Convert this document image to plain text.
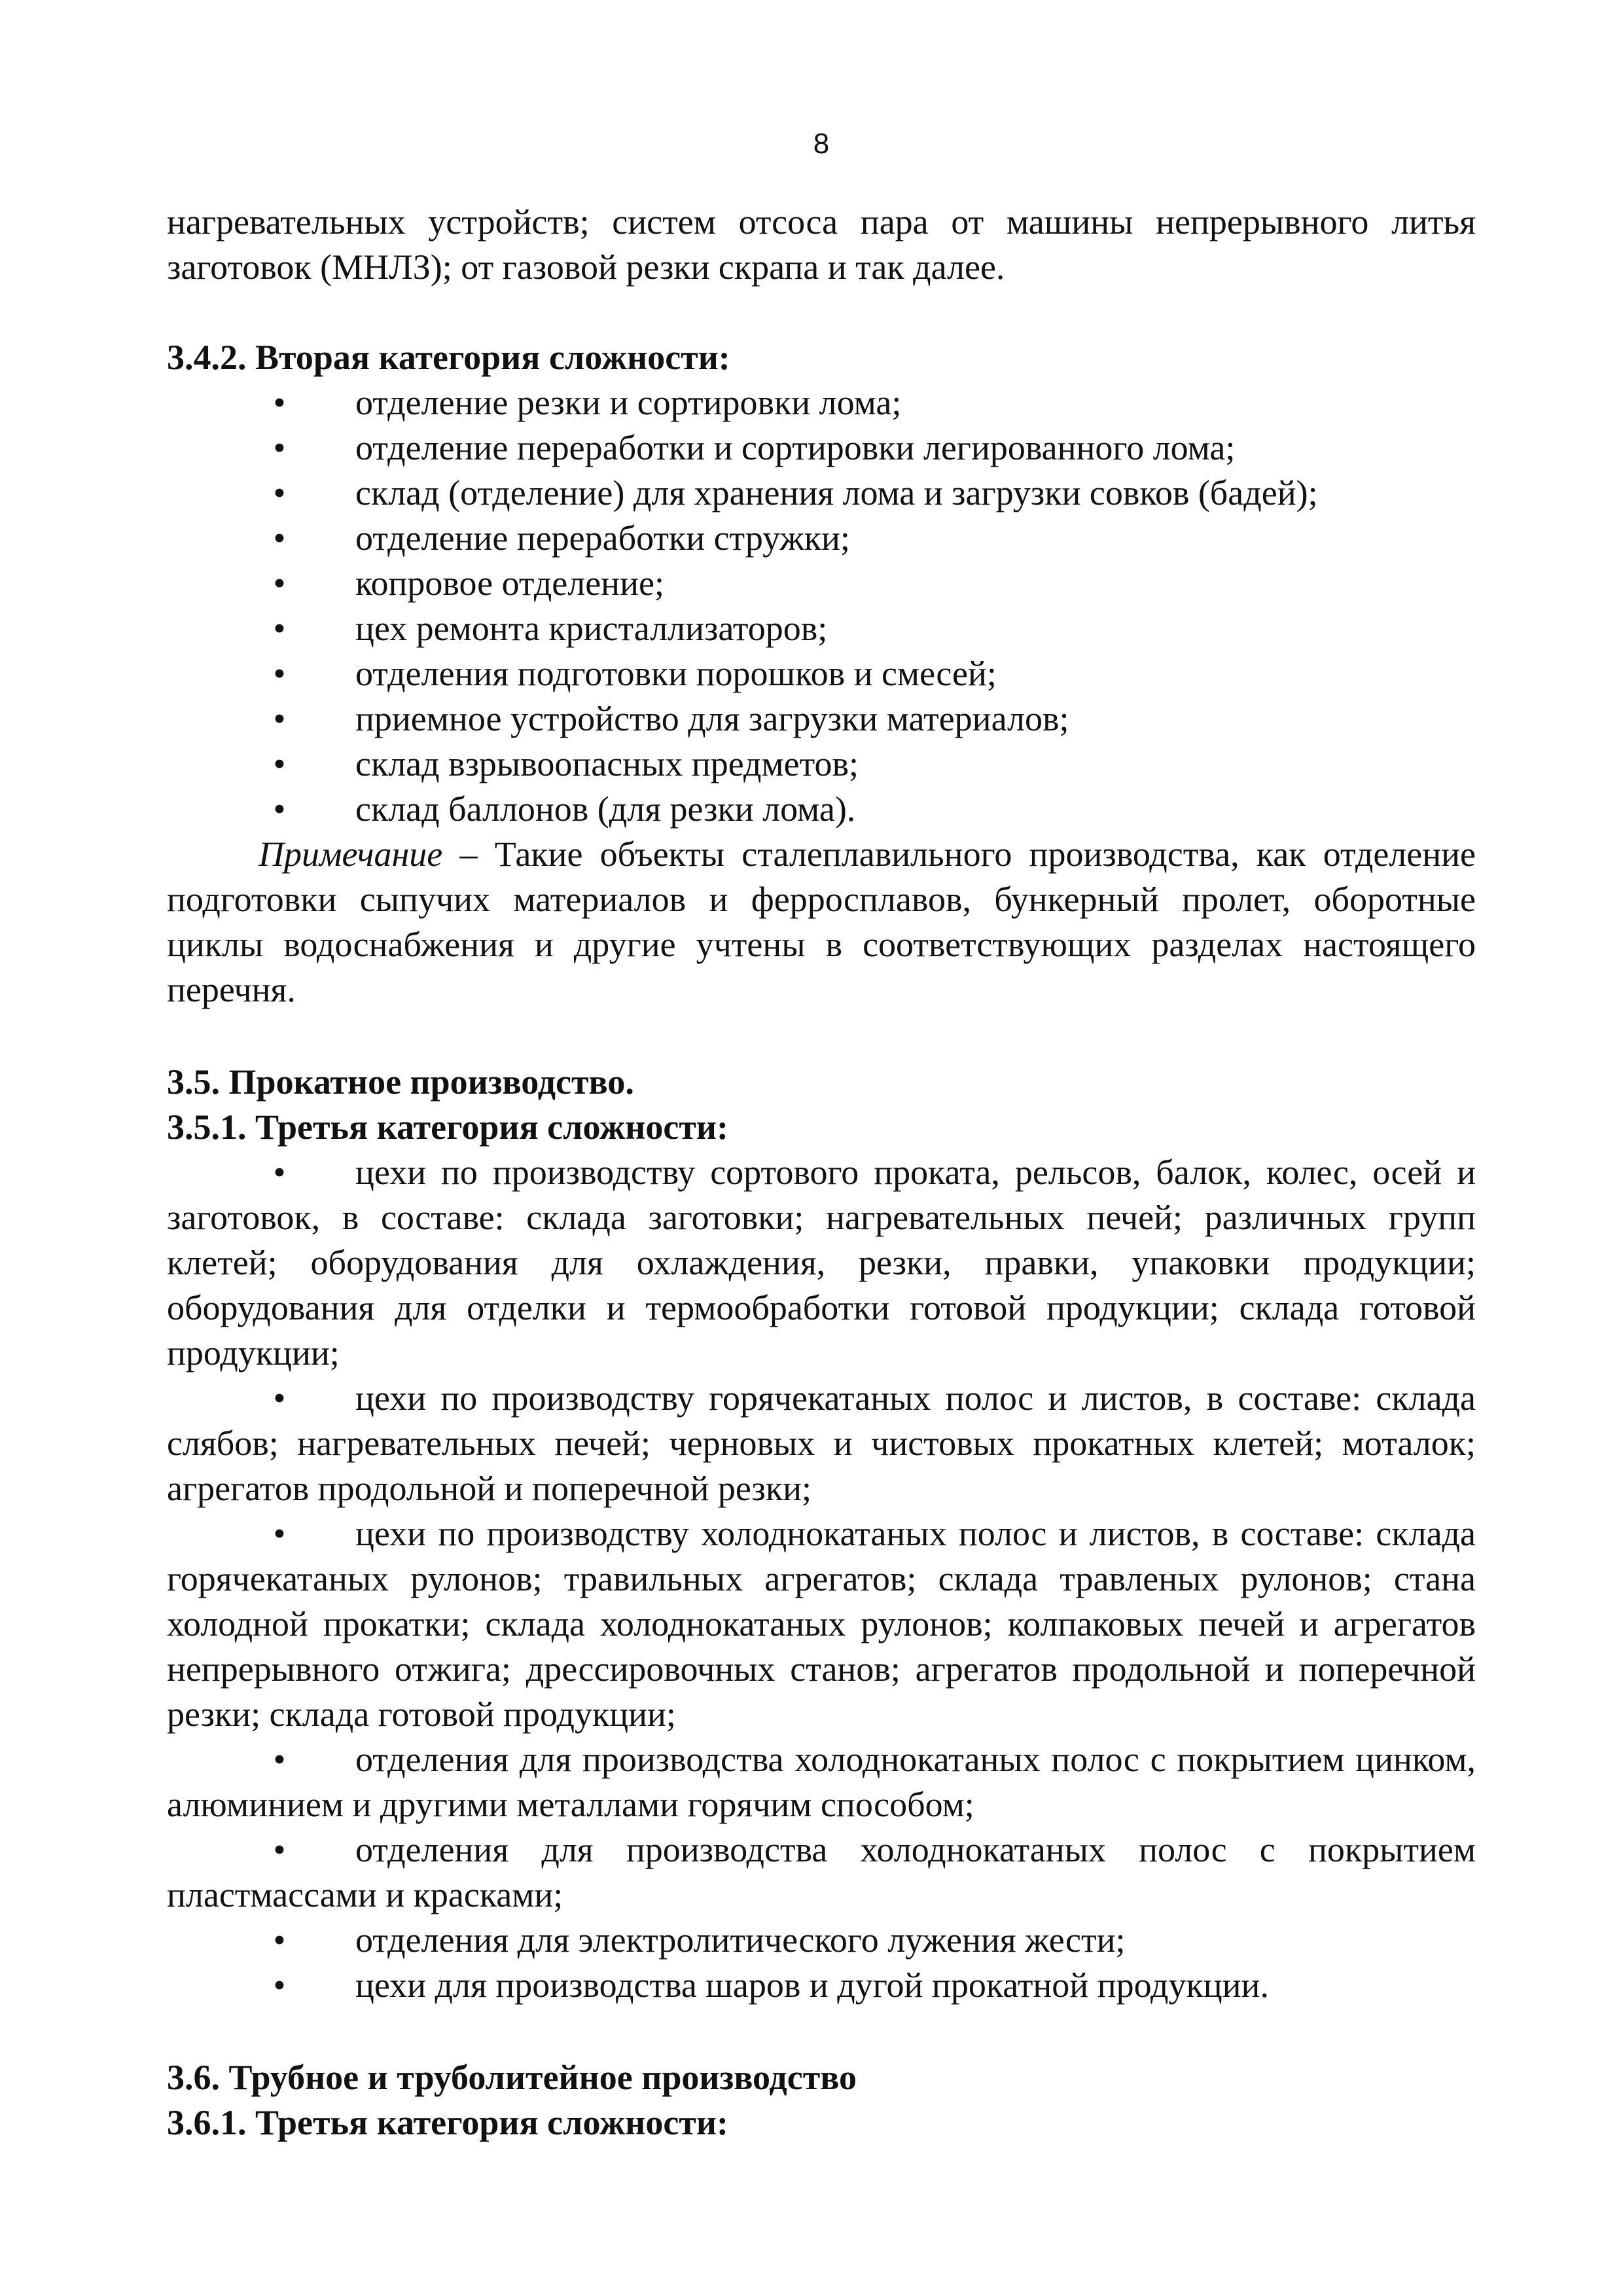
8

нагревательных устройств; систем отсоса пара от машины непрерывного литья заготовок (МНЛЗ); от газовой резки скрапа и так далее.

3.4.2. Вторая категория сложности:

• отделение резки и сортировки лома;
• отделение переработки и сортировки легированного лома;
• склад (отделение) для хранения лома и загрузки совков (бадей);
• отделение переработки стружки;
• копровое отделение;
• цех ремонта кристаллизаторов;
• отделения подготовки порошков и смесей;
• приемное устройство для загрузки материалов;
• склад взрывоопасных предметов;
• склад баллонов (для резки лома).

Примечание – Такие объекты сталеплавильного производства, как отделение подготовки сыпучих материалов и ферросплавов, бункерный пролет, оборотные циклы водоснабжения и другие учтены в соответствующих разделах настоящего перечня.

3.5. Прокатное производство.

3.5.1. Третья категория сложности:

• цехи по производству сортового проката, рельсов, балок, колес, осей и заготовок, в составе: склада заготовки; нагревательных печей; различных групп клетей; оборудования для охлаждения, резки, правки, упаковки продукции; оборудования для отделки и термообработки готовой продукции; склада готовой продукции;

• цехи по производству горячекатаных полос и листов, в составе: склада слябов; нагревательных печей; черновых и чистовых прокатных клетей; моталок; агрегатов продольной и поперечной резки;

• цехи по производству холоднокатаных полос и листов, в составе: склада горячекатаных рулонов; травильных агрегатов; склада травленых рулонов; стана холодной прокатки; склада холоднокатаных рулонов; колпаковых печей и агрегатов непрерывного отжига; дрессировочных станов; агрегатов продольной и поперечной резки; склада готовой продукции;

• отделения для производства холоднокатаных полос с покрытием цинком, алюминием и другими металлами горячим способом;

• отделения для производства холоднокатаных полос с покрытием пластмассами и красками;

• отделения для электролитического лужения жести;

• цехи для производства шаров и дугой прокатной продукции.

3.6. Трубное и труболитейное производство

3.6.1. Третья категория сложности:
